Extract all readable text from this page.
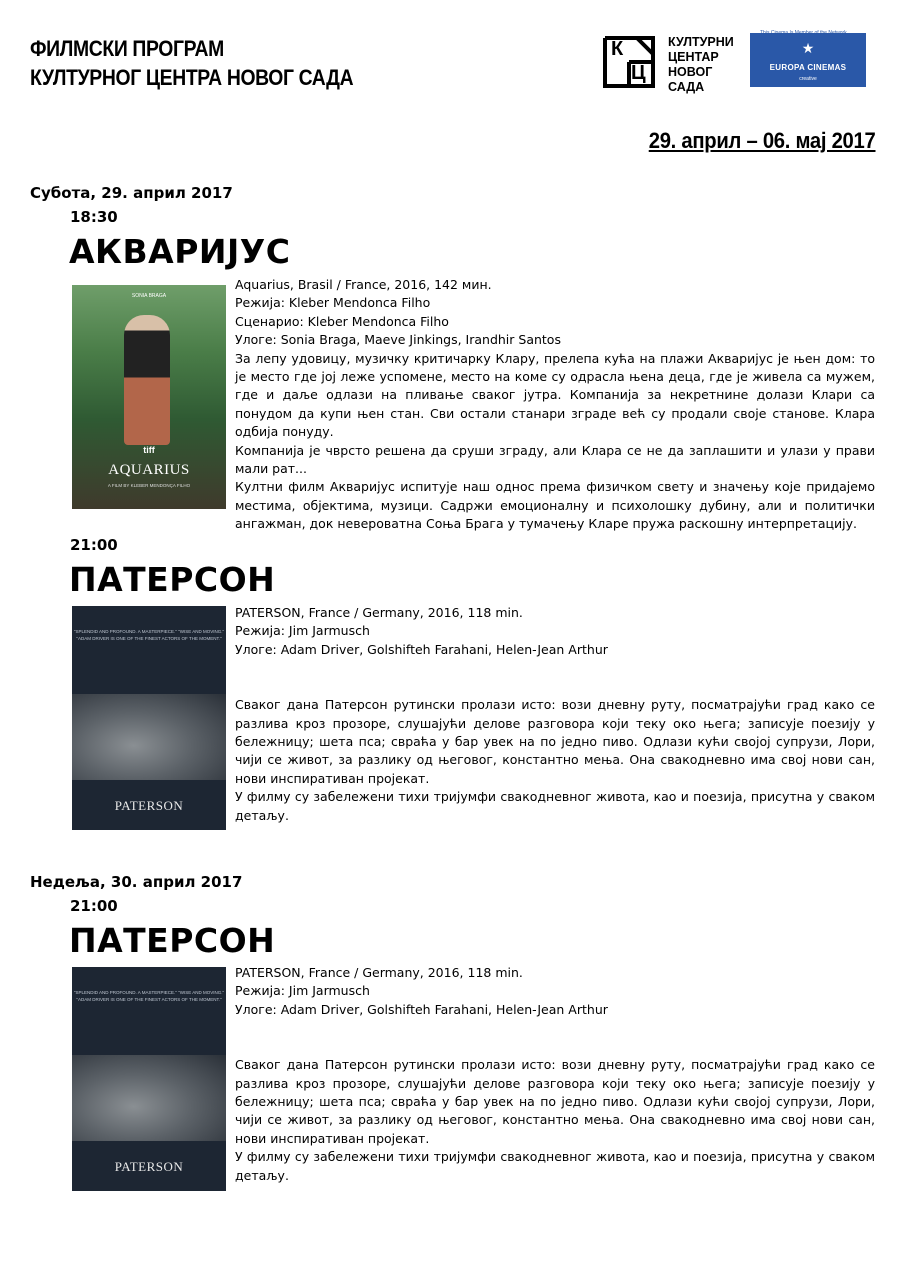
ФИЛМСКИ ПРОГРАМ
КУЛТУРНОГ ЦЕНТРА НОВОГ САДА
К
Ц
КУЛТУРНИ
ЦЕНТАР
НОВОГ
САДА
This Cinema Is Member of the Network
★
EUROPA CINEMAS
creative
29. април – 06. мај 2017
Субота, 29. април 2017
18:30
АКВАРИЈУС
SONIA BRAGA
tiff
AQUARIUS
A FILM BY KLEBER MENDONÇA FILHO

Aquarius, Brasil / France, 2016, 142 мин.

Режија: Kleber Mendonca Filho

Сценарио: Kleber Mendonca Filho

Улоге: Sonia Braga, Maeve Jinkings, Irandhir Santos

За лепу удовицу, музичку критичарку Клару, прелепа кућа на плажи Акваријус је њен дом: то је место где јој леже успомене, место на коме су одрасла њена деца, где је живела са мужем, где и даље одлази на пливање сваког јутра. Компанија за некретнине долази Клари са понудом да купи њен стан. Сви остали станари зграде већ су продали своје станове. Клара одбија понуду.

Компанија је чврсто решена да сруши зграду, али Клара се не да заплашити и улази у прави мали рат...

Култни филм Акваријус испитује наш однос према физичком свету и значењу које придајемо местима, објектима, музици. Садржи емоционалну и психолошку дубину, али и политички ангажман, док невероватна Соња Брага у тумачењу Кларе пружа раскошну интерпретацију.

21:00
ПАТЕРСОН
"SPLENDID AND PROFOUND. A MASTERPIECE." "WISE AND MOVING." "ADAM DRIVER IS ONE OF THE FINEST ACTORS OF THE MOMENT."
PATERSON

PATERSON, France / Germany, 2016, 118 min.

Режија: Jim Jarmusch

Улоге: Adam Driver, Golshifteh Farahani, Helen-Jean Arthur

Сваког дана Патерсон рутински пролази исто: вози дневну руту, посматрајући град како се разлива кроз прозоре, слушајући делове разговора који теку око њега; записује поезију у бележницу; шета пса; свраћа у бар увек на по једно пиво. Одлази кући својој супрузи, Лори, чији се живот, за разлику од његовог, константно мења. Она свакодневно има свој нови сан, нови инспиративан пројекат.

У филму су забележени тихи тријумфи свакодневног живота, као и поезија, присутна у сваком детаљу.

Недеља, 30. април 2017
21:00
ПАТЕРСОН
"SPLENDID AND PROFOUND. A MASTERPIECE." "WISE AND MOVING." "ADAM DRIVER IS ONE OF THE FINEST ACTORS OF THE MOMENT."
PATERSON

PATERSON, France / Germany, 2016, 118 min.

Режија: Jim Jarmusch

Улоге: Adam Driver, Golshifteh Farahani, Helen-Jean Arthur

Сваког дана Патерсон рутински пролази исто: вози дневну руту, посматрајући град како се разлива кроз прозоре, слушајући делове разговора који теку око њега; записује поезију у бележницу; шета пса; свраћа у бар увек на по једно пиво. Одлази кући својој супрузи, Лори, чији се живот, за разлику од његовог, константно мења. Она свакодневно има свој нови сан, нови инспиративан пројекат.

У филму су забележени тихи тријумфи свакодневног живота, као и поезија, присутна у сваком детаљу.
